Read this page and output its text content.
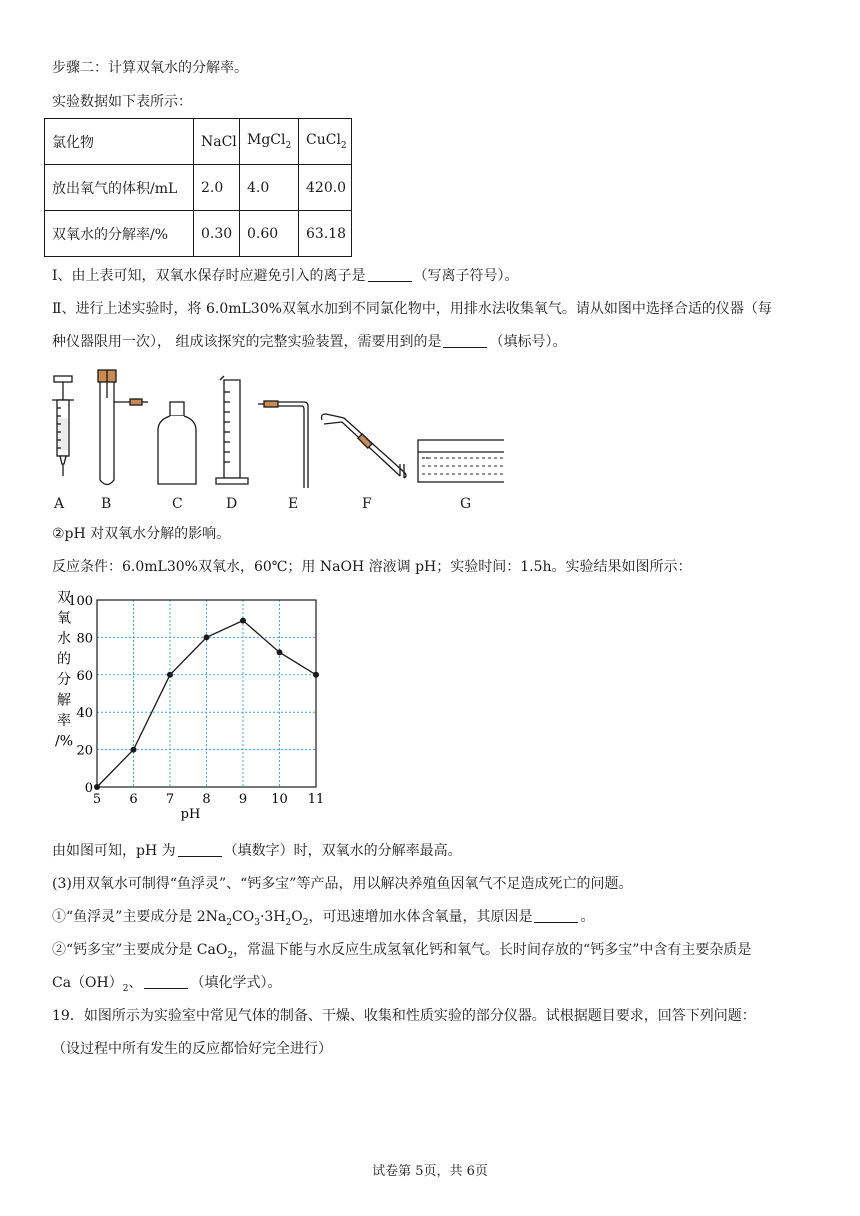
步骤二：计算双氧水的分解率。
实验数据如下表所示：
氯化物	NaCl	MgCl$_2$	CuCl$_2$
放出氧气的体积/mL	2.0	4.0	420.0
双氧水的分解率/%	0.30	0.60	63.18
Ⅰ、由上表可知，双氧水保存时应避免引入的离子是	（写离子符号）。
Ⅱ、进行上述实验时，将 6.0mL30%双氧水加到不同氯化物中，用排水法收集氧气。请从如图中选择合适的仪器（每
种仪器限用一次）， 组成该探究的完整实验装置，需要用到的是	（填标号）。
A	B	C	D	E	F	G
②pH 对双氧水分解的影响。
反应条件：6.0mL30%双氧水，60℃；用 NaOH 溶液调 pH；实验时间：1.5h。实验结果如图所示：
双
氧
水
的
分
解
率
/%
0
20
40
60
80
100
5 6 7 8 9 10 11
pH
由如图可知，pH 为	（填数字）时，双氧水的分解率最高。
(3)用双氧水可制得“鱼浮灵”、“钙多宝”等产品，用以解决养殖鱼因氧气不足造成死亡的问题。
①“鱼浮灵”主要成分是 $2Na_2CO_3\cdot 3H_2O_2$，可迅速增加水体含氧量，其原因是	。
②“钙多宝”主要成分是 CaO$_2$，常温下能与水反应生成氢氧化钙和氧气。长时间存放的“钙多宝”中含有主要杂质是
$Ca(OH)_2$、	（填化学式）。
19．如图所示为实验室中常见气体的制备、干燥、收集和性质实验的部分仪器。试根据题目要求，回答下列问题：
（设过程中所有发生的反应都恰好完全进行）
试卷第 5页，共 6页
